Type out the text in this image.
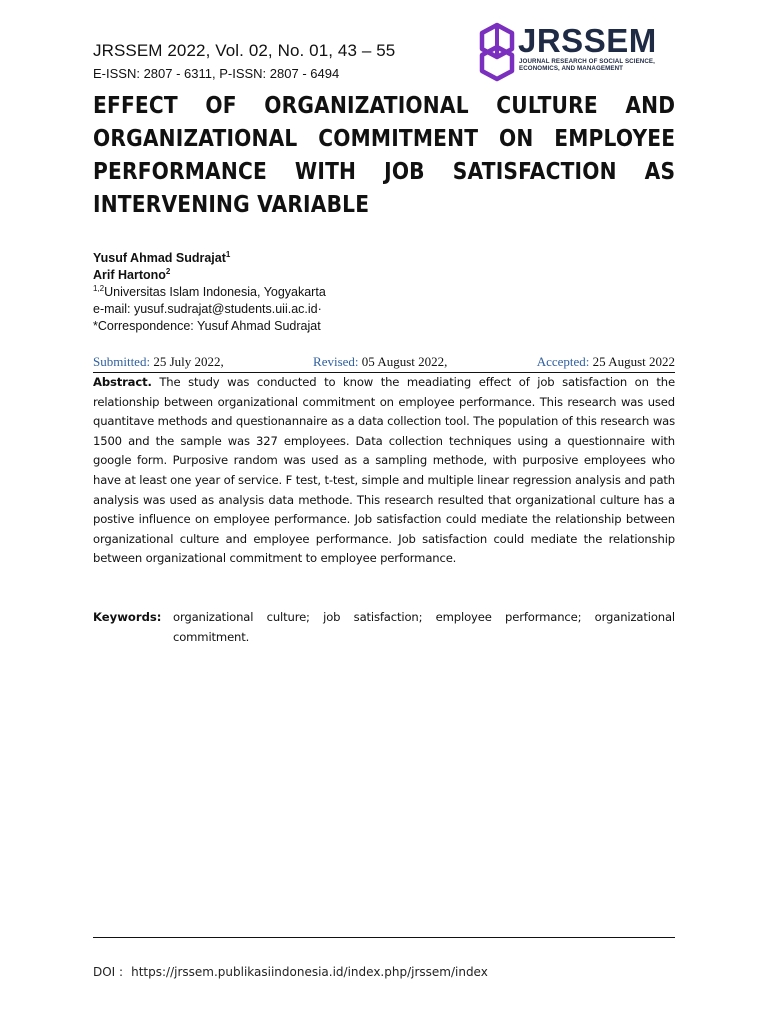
JRSSEM 2022, Vol. 02, No. 01, 43 – 55
E-ISSN: 2807 - 6311, P-ISSN: 2807 - 6494
JRSSEM
JOURNAL RESEARCH OF SOCIAL SCIENCE,
ECONOMICS, AND MANAGEMENT
EFFECT OF ORGANIZATIONAL CULTURE AND ORGANIZATIONAL COMMITMENT ON EMPLOYEE PERFORMANCE WITH JOB SATISFACTION AS INTERVENING VARIABLE
Yusuf Ahmad Sudrajat$^1$
Arif Hartono$^2$
$^{1,2}$Universitas Islam Indonesia, Yogyakarta
e-mail: yusuf.sudrajat@students.uii.ac.id·
*Correspondence: Yusuf Ahmad Sudrajat
Submitted: 25 July 2022,	Revised: 05 August 2022,	Accepted: 25 August 2022
Abstract. The study was conducted to know the meadiating effect of job satisfaction on the relationship between organizational commitment on employee performance. This research was used quantitave methods and questionannaire as a data collection tool. The population of this research was 1500 and the sample was 327 employees. Data collection techniques using a questionnaire with google form. Purposive random was used as a sampling methode, with purposive employees who have at least one year of service. F test, t-test, simple and multiple linear regression analysis and path analysis was used as analysis data methode. This research resulted that organizational culture has a postive influence on employee performance. Job satisfaction could mediate the relationship between organizational culture and employee performance. Job satisfaction could mediate the relationship between organizational commitment to employee performance.
Keywords: organizational culture; job satisfaction; employee performance; organizational commitment.
DOI : https://jrssem.publikasiindonesia.id/index.php/jrssem/index
